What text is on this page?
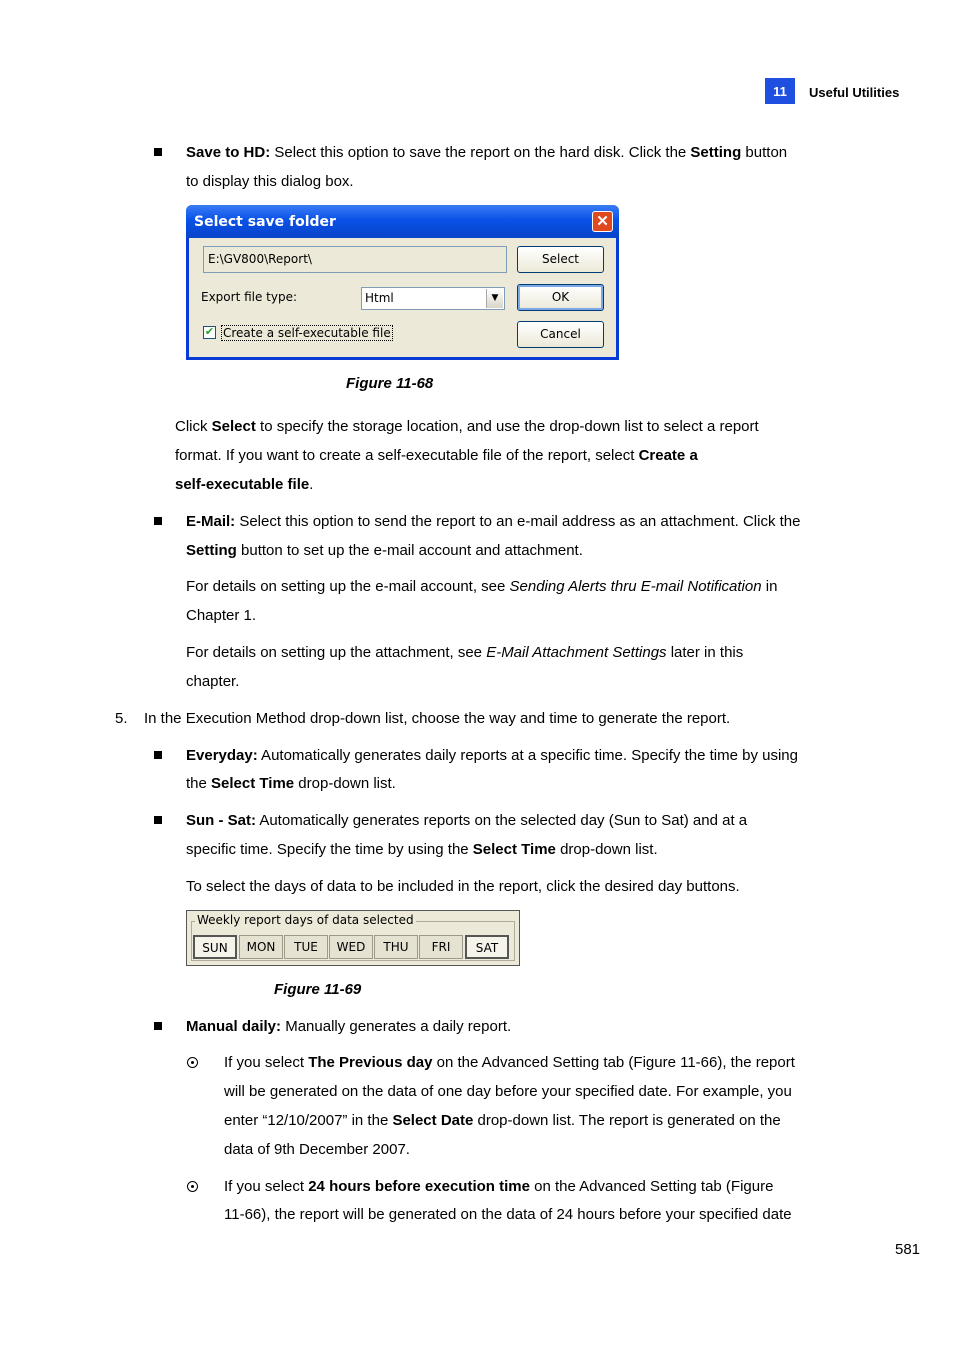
11	Useful Utilities
Save to HD: Select this option to save the report on the hard disk. Click the Setting button
to display this dialog box.
Select save folder	✕
E:\GV800\Report\	Select
Export file type:	Html	▼	OK
✔ Create a self-executable file	Cancel
Figure 11-68
Click Select to specify the storage location, and use the drop-down list to select a report
format. If you want to create a self-executable file of the report, select Create a
self-executable file.
E-Mail: Select this option to send the report to an e-mail address as an attachment. Click the
Setting button to set up the e-mail account and attachment.
For details on setting up the e-mail account, see Sending Alerts thru E-mail Notification in
Chapter 1.
For details on setting up the attachment, see E-Mail Attachment Settings later in this
chapter.
5. In the Execution Method drop-down list, choose the way and time to generate the report.
Everyday: Automatically generates daily reports at a specific time. Specify the time by using
the Select Time drop-down list.
Sun - Sat: Automatically generates reports on the selected day (Sun to Sat) and at a
specific time. Specify the time by using the Select Time drop-down list.
To select the days of data to be included in the report, click the desired day buttons.
Weekly report days of data selected
SUN	MON	TUE	WED	THU	FRI	SAT
Figure 11-69
Manual daily: Manually generates a daily report.
If you select The Previous day on the Advanced Setting tab (Figure 11-66), the report
will be generated on the data of one day before your specified date. For example, you
enter “12/10/2007” in the Select Date drop-down list. The report is generated on the
data of 9th December 2007.
If you select 24 hours before execution time on the Advanced Setting tab (Figure
11-66), the report will be generated on the data of 24 hours before your specified date
581
